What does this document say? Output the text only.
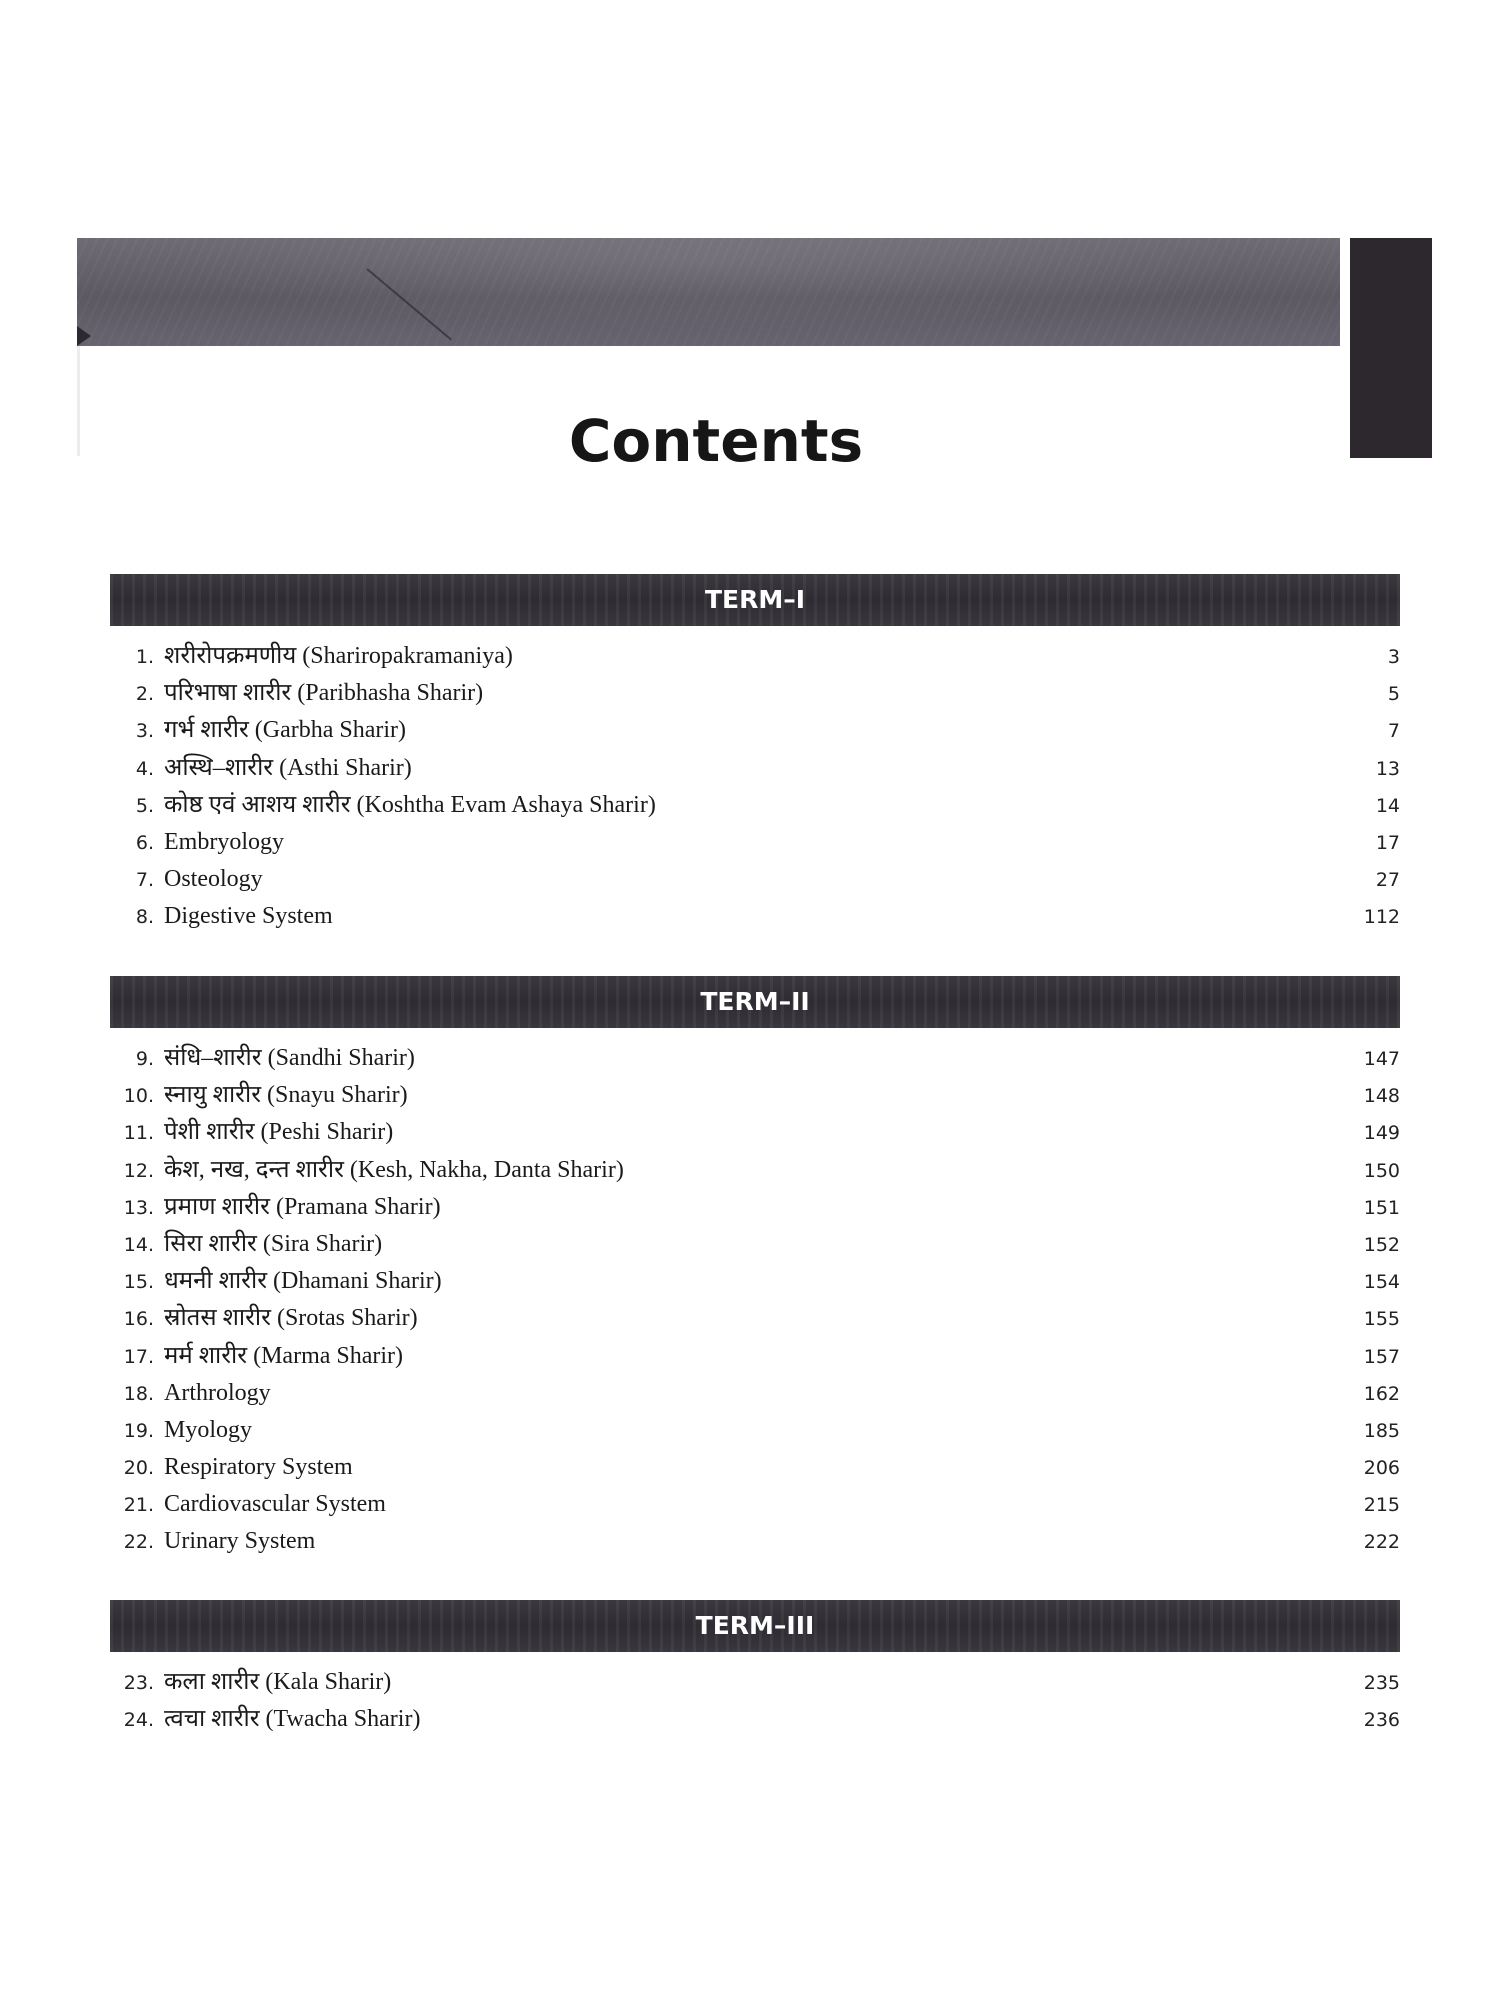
Contents
TERM–I
1. शरीरोपक्रमणीय (Sharіropakramaniya)	3
2. परिभाषा शारीर (Paribhasha Sharir)	5
3. गर्भ शारीर (Garbha Sharir)	7
4. अस्थि–शारीर (Asthi Sharir)	13
5. कोष्ठ एवं आशय शारीर (Koshtha Evam Ashaya Sharir)	14
6. Embryology	17
7. Osteology	27
8. Digestive System	112
TERM–II
9. संधि–शारीर (Sandhi Sharir)	147
10. स्नायु शारीर (Snayu Sharir)	148
11. पेशी शारीर (Peshi Sharir)	149
12. केश, नख, दन्त शारीर (Kesh, Nakha, Danta Sharir)	150
13. प्रमाण शारीर (Pramana Sharir)	151
14. सिरा शारीर (Sira Sharir)	152
15. धमनी शारीर (Dhamani Sharir)	154
16. स्रोतस शारीर (Srotas Sharir)	155
17. मर्म शारीर (Marma Sharir)	157
18. Arthrology	162
19. Myology	185
20. Respiratory System	206
21. Cardiovascular System	215
22. Urinary System	222
TERM–III
23. कला शारीर (Kala Sharir)	235
24. त्वचा शारीर (Twacha Sharir)	236
